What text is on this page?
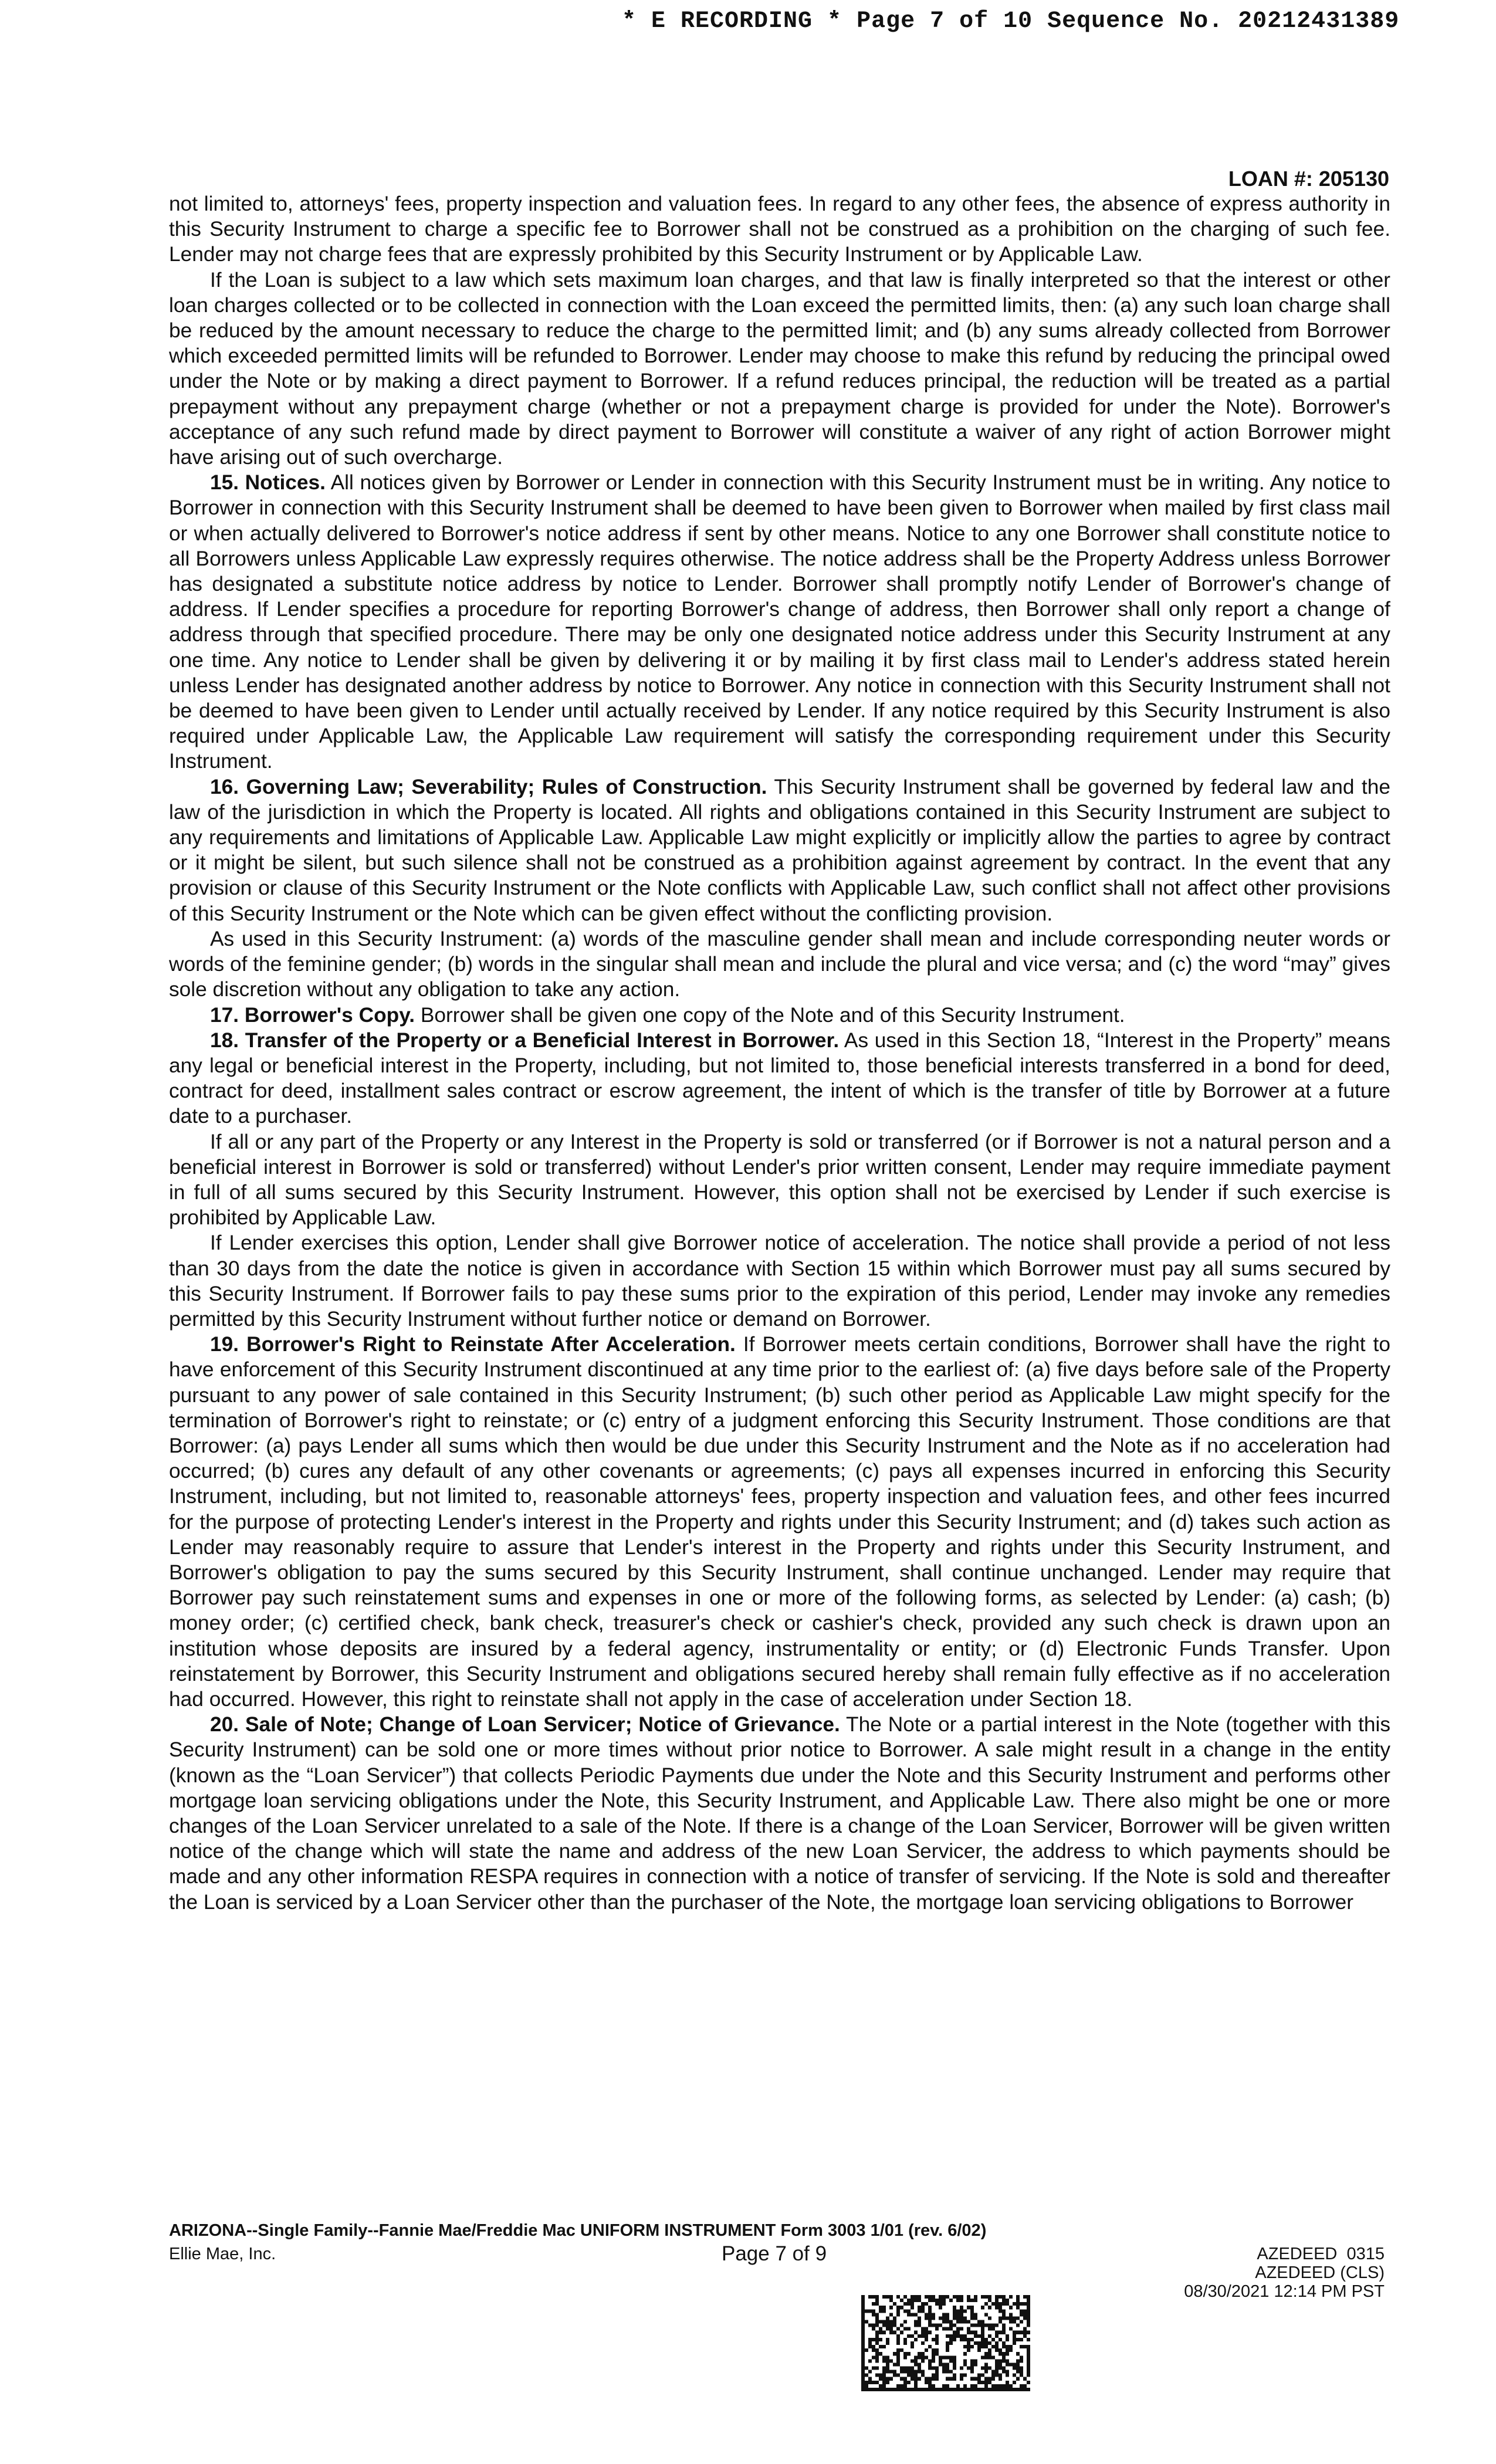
* E RECORDING * Page 7 of 10 Sequence No. 20212431389
LOAN #: 205130

not limited to, attorneys' fees, property inspection and valuation fees. In regard to any other fees, the absence of express authority in this Security Instrument to charge a specific fee to Borrower shall not be construed as a prohibition on the charging of such fee. Lender may not charge fees that are expressly prohibited by this Security Instrument or by Applicable Law.

If the Loan is subject to a law which sets maximum loan charges, and that law is finally interpreted so that the interest or other loan charges collected or to be collected in connection with the Loan exceed the permitted limits, then: (a) any such loan charge shall be reduced by the amount necessary to reduce the charge to the permitted limit; and (b) any sums already collected from Borrower which exceeded permitted limits will be refunded to Borrower. Lender may choose to make this refund by reducing the principal owed under the Note or by making a direct payment to Borrower. If a refund reduces principal, the reduction will be treated as a partial prepayment without any prepayment charge (whether or not a prepayment charge is provided for under the Note). Borrower's acceptance of any such refund made by direct payment to Borrower will constitute a waiver of any right of action Borrower might have arising out of such overcharge.

15. Notices. All notices given by Borrower or Lender in connection with this Security Instrument must be in writing. Any notice to Borrower in connection with this Security Instrument shall be deemed to have been given to Borrower when mailed by first class mail or when actually delivered to Borrower's notice address if sent by other means. Notice to any one Borrower shall constitute notice to all Borrowers unless Applicable Law expressly requires otherwise. The notice address shall be the Property Address unless Borrower has designated a substitute notice address by notice to Lender. Borrower shall promptly notify Lender of Borrower's change of address. If Lender specifies a procedure for reporting Borrower's change of address, then Borrower shall only report a change of address through that specified procedure. There may be only one designated notice address under this Security Instrument at any one time. Any notice to Lender shall be given by delivering it or by mailing it by first class mail to Lender's address stated herein unless Lender has designated another address by notice to Borrower. Any notice in connection with this Security Instrument shall not be deemed to have been given to Lender until actually received by Lender. If any notice required by this Security Instrument is also required under Applicable Law, the Applicable Law requirement will satisfy the corresponding requirement under this Security Instrument.

16. Governing Law; Severability; Rules of Construction. This Security Instrument shall be governed by federal law and the law of the jurisdiction in which the Property is located. All rights and obligations contained in this Security Instrument are subject to any requirements and limitations of Applicable Law. Applicable Law might explicitly or implicitly allow the parties to agree by contract or it might be silent, but such silence shall not be construed as a prohibition against agreement by contract. In the event that any provision or clause of this Security Instrument or the Note conflicts with Applicable Law, such conflict shall not affect other provisions of this Security Instrument or the Note which can be given effect without the conflicting provision.

As used in this Security Instrument: (a) words of the masculine gender shall mean and include corresponding neuter words or words of the feminine gender; (b) words in the singular shall mean and include the plural and vice versa; and (c) the word “may” gives sole discretion without any obligation to take any action.

17. Borrower's Copy. Borrower shall be given one copy of the Note and of this Security Instrument.

18. Transfer of the Property or a Beneficial Interest in Borrower. As used in this Section 18, “Interest in the Property” means any legal or beneficial interest in the Property, including, but not limited to, those beneficial interests transferred in a bond for deed, contract for deed, installment sales contract or escrow agreement, the intent of which is the transfer of title by Borrower at a future date to a purchaser.

If all or any part of the Property or any Interest in the Property is sold or transferred (or if Borrower is not a natural person and a beneficial interest in Borrower is sold or transferred) without Lender's prior written consent, Lender may require immediate payment in full of all sums secured by this Security Instrument. However, this option shall not be exercised by Lender if such exercise is prohibited by Applicable Law.

If Lender exercises this option, Lender shall give Borrower notice of acceleration. The notice shall provide a period of not less than 30 days from the date the notice is given in accordance with Section 15 within which Borrower must pay all sums secured by this Security Instrument. If Borrower fails to pay these sums prior to the expiration of this period, Lender may invoke any remedies permitted by this Security Instrument without further notice or demand on Borrower.

19. Borrower's Right to Reinstate After Acceleration. If Borrower meets certain conditions, Borrower shall have the right to have enforcement of this Security Instrument discontinued at any time prior to the earliest of: (a) five days before sale of the Property pursuant to any power of sale contained in this Security Instrument; (b) such other period as Applicable Law might specify for the termination of Borrower's right to reinstate; or (c) entry of a judgment enforcing this Security Instrument. Those conditions are that Borrower: (a) pays Lender all sums which then would be due under this Security Instrument and the Note as if no acceleration had occurred; (b) cures any default of any other covenants or agreements; (c) pays all expenses incurred in enforcing this Security Instrument, including, but not limited to, reasonable attorneys' fees, property inspection and valuation fees, and other fees incurred for the purpose of protecting Lender's interest in the Property and rights under this Security Instrument; and (d) takes such action as Lender may reasonably require to assure that Lender's interest in the Property and rights under this Security Instrument, and Borrower's obligation to pay the sums secured by this Security Instrument, shall continue unchanged. Lender may require that Borrower pay such reinstatement sums and expenses in one or more of the following forms, as selected by Lender: (a) cash; (b) money order; (c) certified check, bank check, treasurer's check or cashier's check, provided any such check is drawn upon an institution whose deposits are insured by a federal agency, instrumentality or entity; or (d) Electronic Funds Transfer. Upon reinstatement by Borrower, this Security Instrument and obligations secured hereby shall remain fully effective as if no acceleration had occurred. However, this right to reinstate shall not apply in the case of acceleration under Section 18.

20. Sale of Note; Change of Loan Servicer; Notice of Grievance. The Note or a partial interest in the Note (together with this Security Instrument) can be sold one or more times without prior notice to Borrower. A sale might result in a change in the entity (known as the “Loan Servicer”) that collects Periodic Payments due under the Note and this Security Instrument and performs other mortgage loan servicing obligations under the Note, this Security Instrument, and Applicable Law. There also might be one or more changes of the Loan Servicer unrelated to a sale of the Note. If there is a change of the Loan Servicer, Borrower will be given written notice of the change which will state the name and address of the new Loan Servicer, the address to which payments should be made and any other information RESPA requires in connection with a notice of transfer of servicing. If the Note is sold and thereafter the Loan is serviced by a Loan Servicer other than the purchaser of the Note, the mortgage loan servicing obligations to Borrower

ARIZONA--Single Family--Fannie Mae/Freddie Mac UNIFORM INSTRUMENT Form 3003 1/01 (rev. 6/02)
Ellie Mae, Inc.	Page 7 of 9	AZEDEED  0315
AZEDEED (CLS)
08/30/2021 12:14 PM PST
